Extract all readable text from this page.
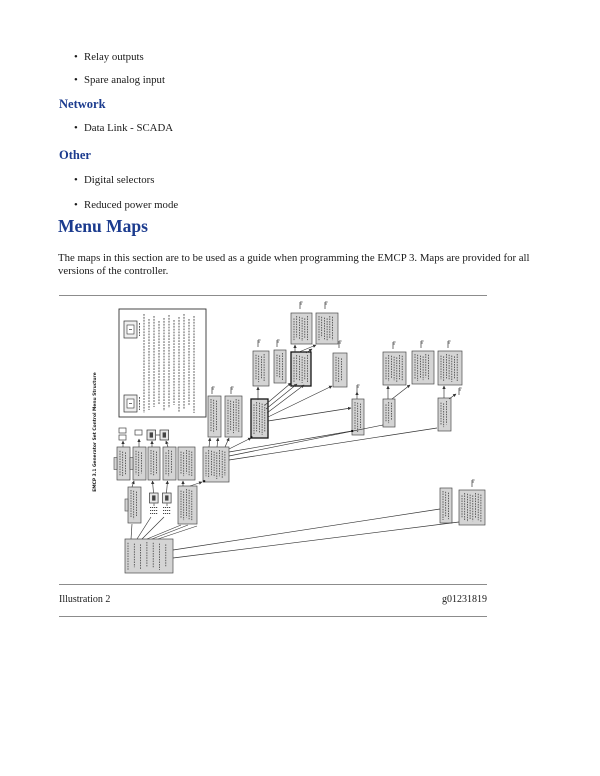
• Relay outputs
• Spare analog input
Network
• Data Link - SCADA
Other
• Digital selectors
• Reduced power mode
Menu Maps
The maps in this section are to be used as a guide when programming the EMCP 3. Maps are provided for all
versions of the controller.
EMCP 3.1 Generator Set Control Menu Structure
Illustration 2	g01231819
